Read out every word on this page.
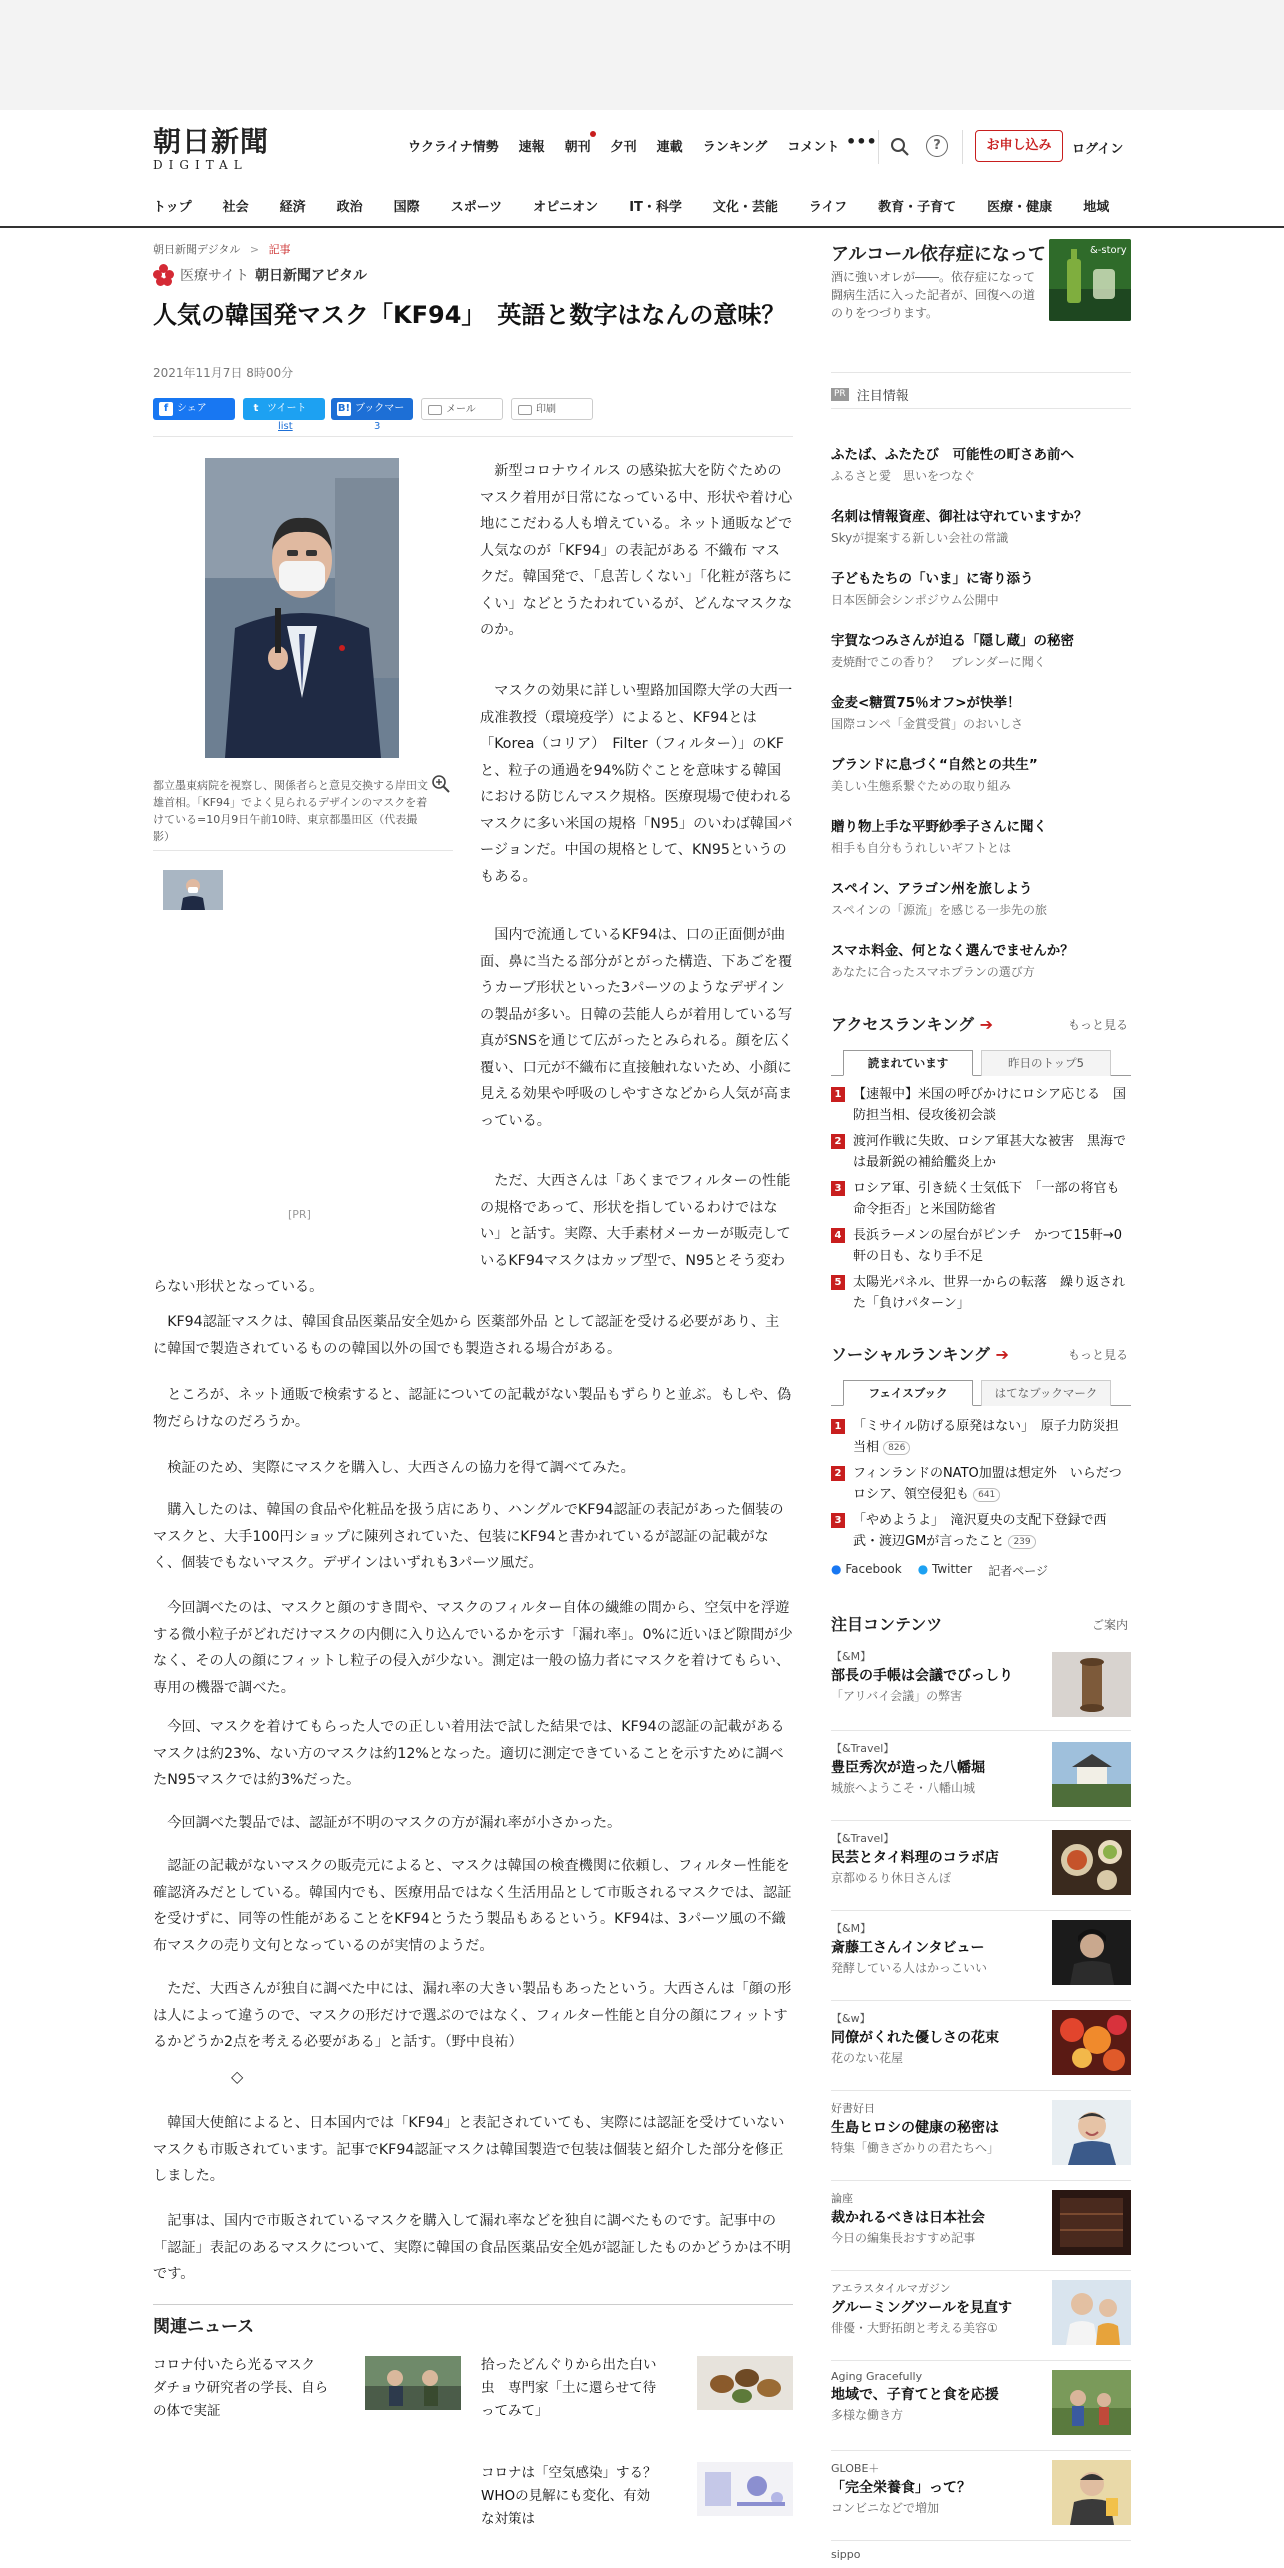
朝日新聞
DIGITAL
ウクライナ情勢 速報 朝刊 夕刊 連載 ランキング コメント •••	?	お申し込み	ログイン
トップ 社会 経済 政治 国際 スポーツ オピニオン IT・科学 文化・芸能 ライフ 教育・子育て 医療・健康 地域
朝日新聞デジタル > 記事
医療サイト 朝日新聞アピタル
人気の韓国発マスク「KF94」　英語と数字はなんの意味？
2021年11月7日 8時00分
f シェア	t ツイート	B! ブックマーク
メール	印刷
list	3
都立墨東病院を視察し、関係者らと意見交換する岸田文雄首相。「KF94」でよく見られるデザインのマスクを着けている=10月9日午前10時、東京都墨田区（代表撮影）
[PR]

　新型コロナウイルス の感染拡大を防ぐためのマスク着用が日常になっている中、形状や着け心地にこだわる人も増えている。ネット通販などで人気なのが「KF94」の表記がある 不織布 マスクだ。韓国発で、「息苦しくない」「化粧が落ちにくい」などとうたわれているが、どんなマスクなのか。

　マスクの効果に詳しい聖路加国際大学の大西一成准教授（環境疫学）によると、KF94とは「Korea（コリア）　Filter（フィルター）」のKFと、粒子の通過を94%防ぐことを意味する韓国における防じんマスク規格。医療現場で使われるマスクに多い米国の規格「N95」のいわば韓国バージョンだ。中国の規格として、KN95というのもある。

　国内で流通しているKF94は、口の正面側が曲面、鼻に当たる部分がとがった構造、下あごを覆うカーブ形状といった3パーツのようなデザインの製品が多い。日韓の芸能人らが着用している写真がSNSを通じて広がったとみられる。顔を広く覆い、口元が不織布に直接触れないため、小顔に見える効果や呼吸のしやすさなどから人気が高まっている。

　ただ、大西さんは「あくまでフィルターの性能の規格であって、形状を指しているわけではない」と話す。実際、大手素材メーカーが販売しているKF94マスクはカップ型で、N95とそう変わらない形状となっている。

　KF94認証マスクは、韓国食品医薬品安全処から 医薬部外品 として認証を受ける必要があり、主に韓国で製造されているものの韓国以外の国でも製造される場合がある。

　ところが、ネット通販で検索すると、認証についての記載がない製品もずらりと並ぶ。もしや、偽物だらけなのだろうか。

　検証のため、実際にマスクを購入し、大西さんの協力を得て調べてみた。

　購入したのは、韓国の食品や化粧品を扱う店にあり、ハングルでKF94認証の表記があった個装のマスクと、大手100円ショップに陳列されていた、包装にKF94と書かれているが認証の記載がなく、個装でもないマスク。デザインはいずれも3パーツ風だ。

　今回調べたのは、マスクと顔のすき間や、マスクのフィルター自体の繊維の間から、空気中を浮遊する微小粒子がどれだけマスクの内側に入り込んでいるかを示す「漏れ率」。0%に近いほど隙間が少なく、その人の顔にフィットし粒子の侵入が少ない。測定は一般の協力者にマスクを着けてもらい、専用の機器で調べた。

　今回、マスクを着けてもらった人での正しい着用法で試した結果では、KF94の認証の記載があるマスクは約23%、ない方のマスクは約12%となった。適切に測定できていることを示すために調べたN95マスクでは約3%だった。

　今回調べた製品では、認証が不明のマスクの方が漏れ率が小さかった。

　認証の記載がないマスクの販売元によると、マスクは韓国の検査機関に依頼し、フィルター性能を確認済みだとしている。韓国内でも、医療用品ではなく生活用品として市販されるマスクでは、認証を受けずに、同等の性能があることをKF94とうたう製品もあるという。KF94は、3パーツ風の不織布マスクの売り文句となっているのが実情のようだ。

　ただ、大西さんが独自に調べた中には、漏れ率の大きい製品もあったという。大西さんは「顔の形は人によって違うので、マスクの形だけで選ぶのではなく、フィルター性能と自分の顔にフィットするかどうか2点を考える必要がある」と話す。（野中良祐）

◇

　韓国大使館によると、日本国内では「KF94」と表記されていても、実際には認証を受けていないマスクも市販されています。記事でKF94認証マスクは韓国製造で包装は個装と紹介した部分を修正しました。

　記事は、国内で市販されているマスクを購入して漏れ率などを独自に調べたものです。記事中の「認証」表記のあるマスクについて、実際に韓国の食品医薬品安全処が認証したものかどうかは不明です。

関連ニュース
コロナ付いたら光るマスク　ダチョウ研究者の学長、自らの体で実証
拾ったどんぐりから出た白い虫　専門家「土に還らせて待ってみて」
コロナは「空気感染」する？　WHOの見解にも変化、有効な対策は
アルコール依存症になって
酒に強いオレが――。依存症になって闘病生活に入った記者が、回復への道のりをつづります。
&-story
PR 注目情報
ふたば、ふたたび　可能性の町さあ前へ
ふるさと愛　思いをつなぐ
名刺は情報資産、御社は守れていますか？
Skyが提案する新しい会社の常識
子どもたちの「いま」に寄り添う
日本医師会シンポジウム公開中
宇賀なつみさんが迫る「隠し蔵」の秘密
麦焼酎でこの香り？　ブレンダーに聞く
金麦<糖質75％オフ>が快挙！
国際コンペ「金賞受賞」のおいしさ
ブランドに息づく“自然との共生”
美しい生態系繋ぐための取り組み
贈り物上手な平野紗季子さんに聞く
相手も自分もうれしいギフトとは
スペイン、アラゴン州を旅しよう
スペインの「源流」を感じる一歩先の旅
スマホ料金、何となく選んでませんか？
あなたに合ったスマホプランの選び方
アクセスランキング ➔	もっと見る
読まれています	昨日のトップ5
1 【速報中】米国の呼びかけにロシア応じる　国防担当相、侵攻後初会談
2 渡河作戦に失敗、ロシア軍甚大な被害　黒海では最新鋭の補給艦炎上か
3 ロシア軍、引き続く士気低下　「一部の将官も命令拒否」と米国防総省
4 長浜ラーメンの屋台がピンチ　かつて15軒→0軒の日も、なり手不足
5 太陽光パネル、世界一からの転落　繰り返された「負けパターン」
ソーシャルランキング ➔	もっと見る
フェイスブック	はてなブックマーク
1 「ミサイル防げる原発はない」　原子力防災担当相 826
2 フィンランドのNATO加盟は想定外　いらだつロシア、領空侵犯も 641
3 「やめようよ」　滝沢夏央の支配下登録で西武・渡辺GMが言ったこと 239
● Facebook ● Twitter 記者ページ
注目コンテンツ	ご案内
【&M】
部長の手帳は会議でびっしり
「アリバイ会議」の弊害
【&Travel】
豊臣秀次が造った八幡堀
城旅へようこそ・八幡山城
【&Travel】
民芸とタイ料理のコラボ店
京都ゆるり休日さんぽ
【&M】
斎藤工さんインタビュー
発酵している人はかっこいい
【&w】
同僚がくれた優しさの花束
花のない花屋
好書好日
生島ヒロシの健康の秘密は
特集「働きざかりの君たちへ」
論座
裁かれるべきは日本社会
今日の編集長おすすめ記事
アエラスタイルマガジン
グルーミングツールを見直す
俳優・大野拓朗と考える美容①
Aging Gracefully
地域で、子育てと食を応援
多様な働き方
GLOBE＋
「完全栄養食」って？
コンビニなどで増加
sippo
